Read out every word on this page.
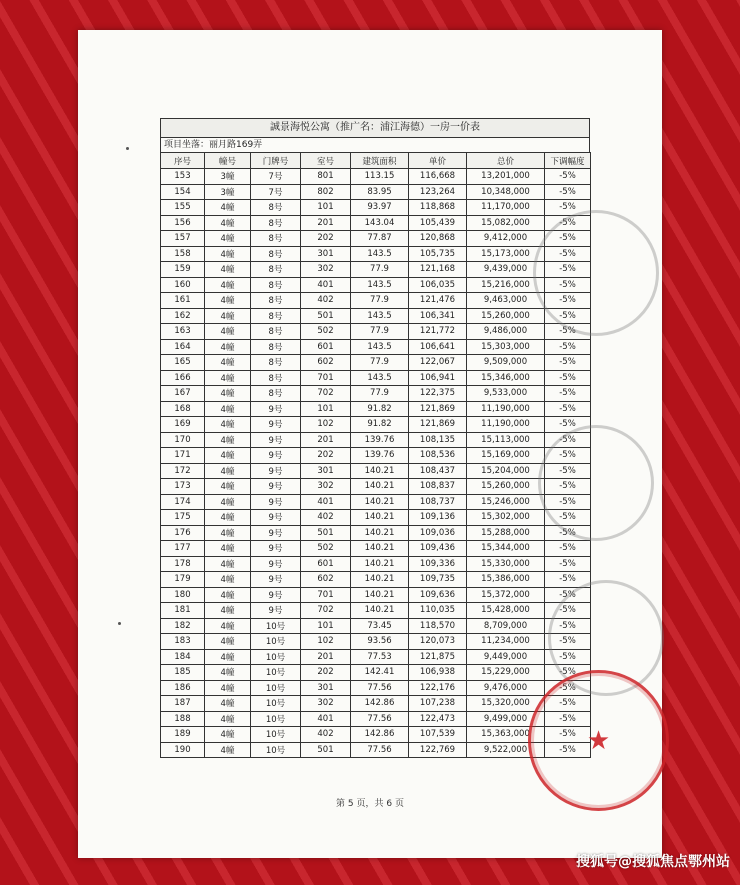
誠景海悦公寓（推广名：浦江海德）一房一价表
项目坐落：丽月路169弄
序号	幢号	门牌号	室号	建筑面积	单价	总价	下调幅度
153	3幢	7号	801	113.15	116,668	13,201,000	-5%
154	3幢	7号	802	83.95	123,264	10,348,000	-5%
155	4幢	8号	101	93.97	118,868	11,170,000	-5%
156	4幢	8号	201	143.04	105,439	15,082,000	-5%
157	4幢	8号	202	77.87	120,868	9,412,000	-5%
158	4幢	8号	301	143.5	105,735	15,173,000	-5%
159	4幢	8号	302	77.9	121,168	9,439,000	-5%
160	4幢	8号	401	143.5	106,035	15,216,000	-5%
161	4幢	8号	402	77.9	121,476	9,463,000	-5%
162	4幢	8号	501	143.5	106,341	15,260,000	-5%
163	4幢	8号	502	77.9	121,772	9,486,000	-5%
164	4幢	8号	601	143.5	106,641	15,303,000	-5%
165	4幢	8号	602	77.9	122,067	9,509,000	-5%
166	4幢	8号	701	143.5	106,941	15,346,000	-5%
167	4幢	8号	702	77.9	122,375	9,533,000	-5%
168	4幢	9号	101	91.82	121,869	11,190,000	-5%
169	4幢	9号	102	91.82	121,869	11,190,000	-5%
170	4幢	9号	201	139.76	108,135	15,113,000	-5%
171	4幢	9号	202	139.76	108,536	15,169,000	-5%
172	4幢	9号	301	140.21	108,437	15,204,000	-5%
173	4幢	9号	302	140.21	108,837	15,260,000	-5%
174	4幢	9号	401	140.21	108,737	15,246,000	-5%
175	4幢	9号	402	140.21	109,136	15,302,000	-5%
176	4幢	9号	501	140.21	109,036	15,288,000	-5%
177	4幢	9号	502	140.21	109,436	15,344,000	-5%
178	4幢	9号	601	140.21	109,336	15,330,000	-5%
179	4幢	9号	602	140.21	109,735	15,386,000	-5%
180	4幢	9号	701	140.21	109,636	15,372,000	-5%
181	4幢	9号	702	140.21	110,035	15,428,000	-5%
182	4幢	10号	101	73.45	118,570	8,709,000	-5%
183	4幢	10号	102	93.56	120,073	11,234,000	-5%
184	4幢	10号	201	77.53	121,875	9,449,000	-5%
185	4幢	10号	202	142.41	106,938	15,229,000	-5%
186	4幢	10号	301	77.56	122,176	9,476,000	-5%
187	4幢	10号	302	142.86	107,238	15,320,000	-5%
188	4幢	10号	401	77.56	122,473	9,499,000	-5%
189	4幢	10号	402	142.86	107,539	15,363,000	-5%
190	4幢	10号	501	77.56	122,769	9,522,000	-5% ★
第 5 页，共 6 页
搜狐号@搜狐焦点鄂州站
